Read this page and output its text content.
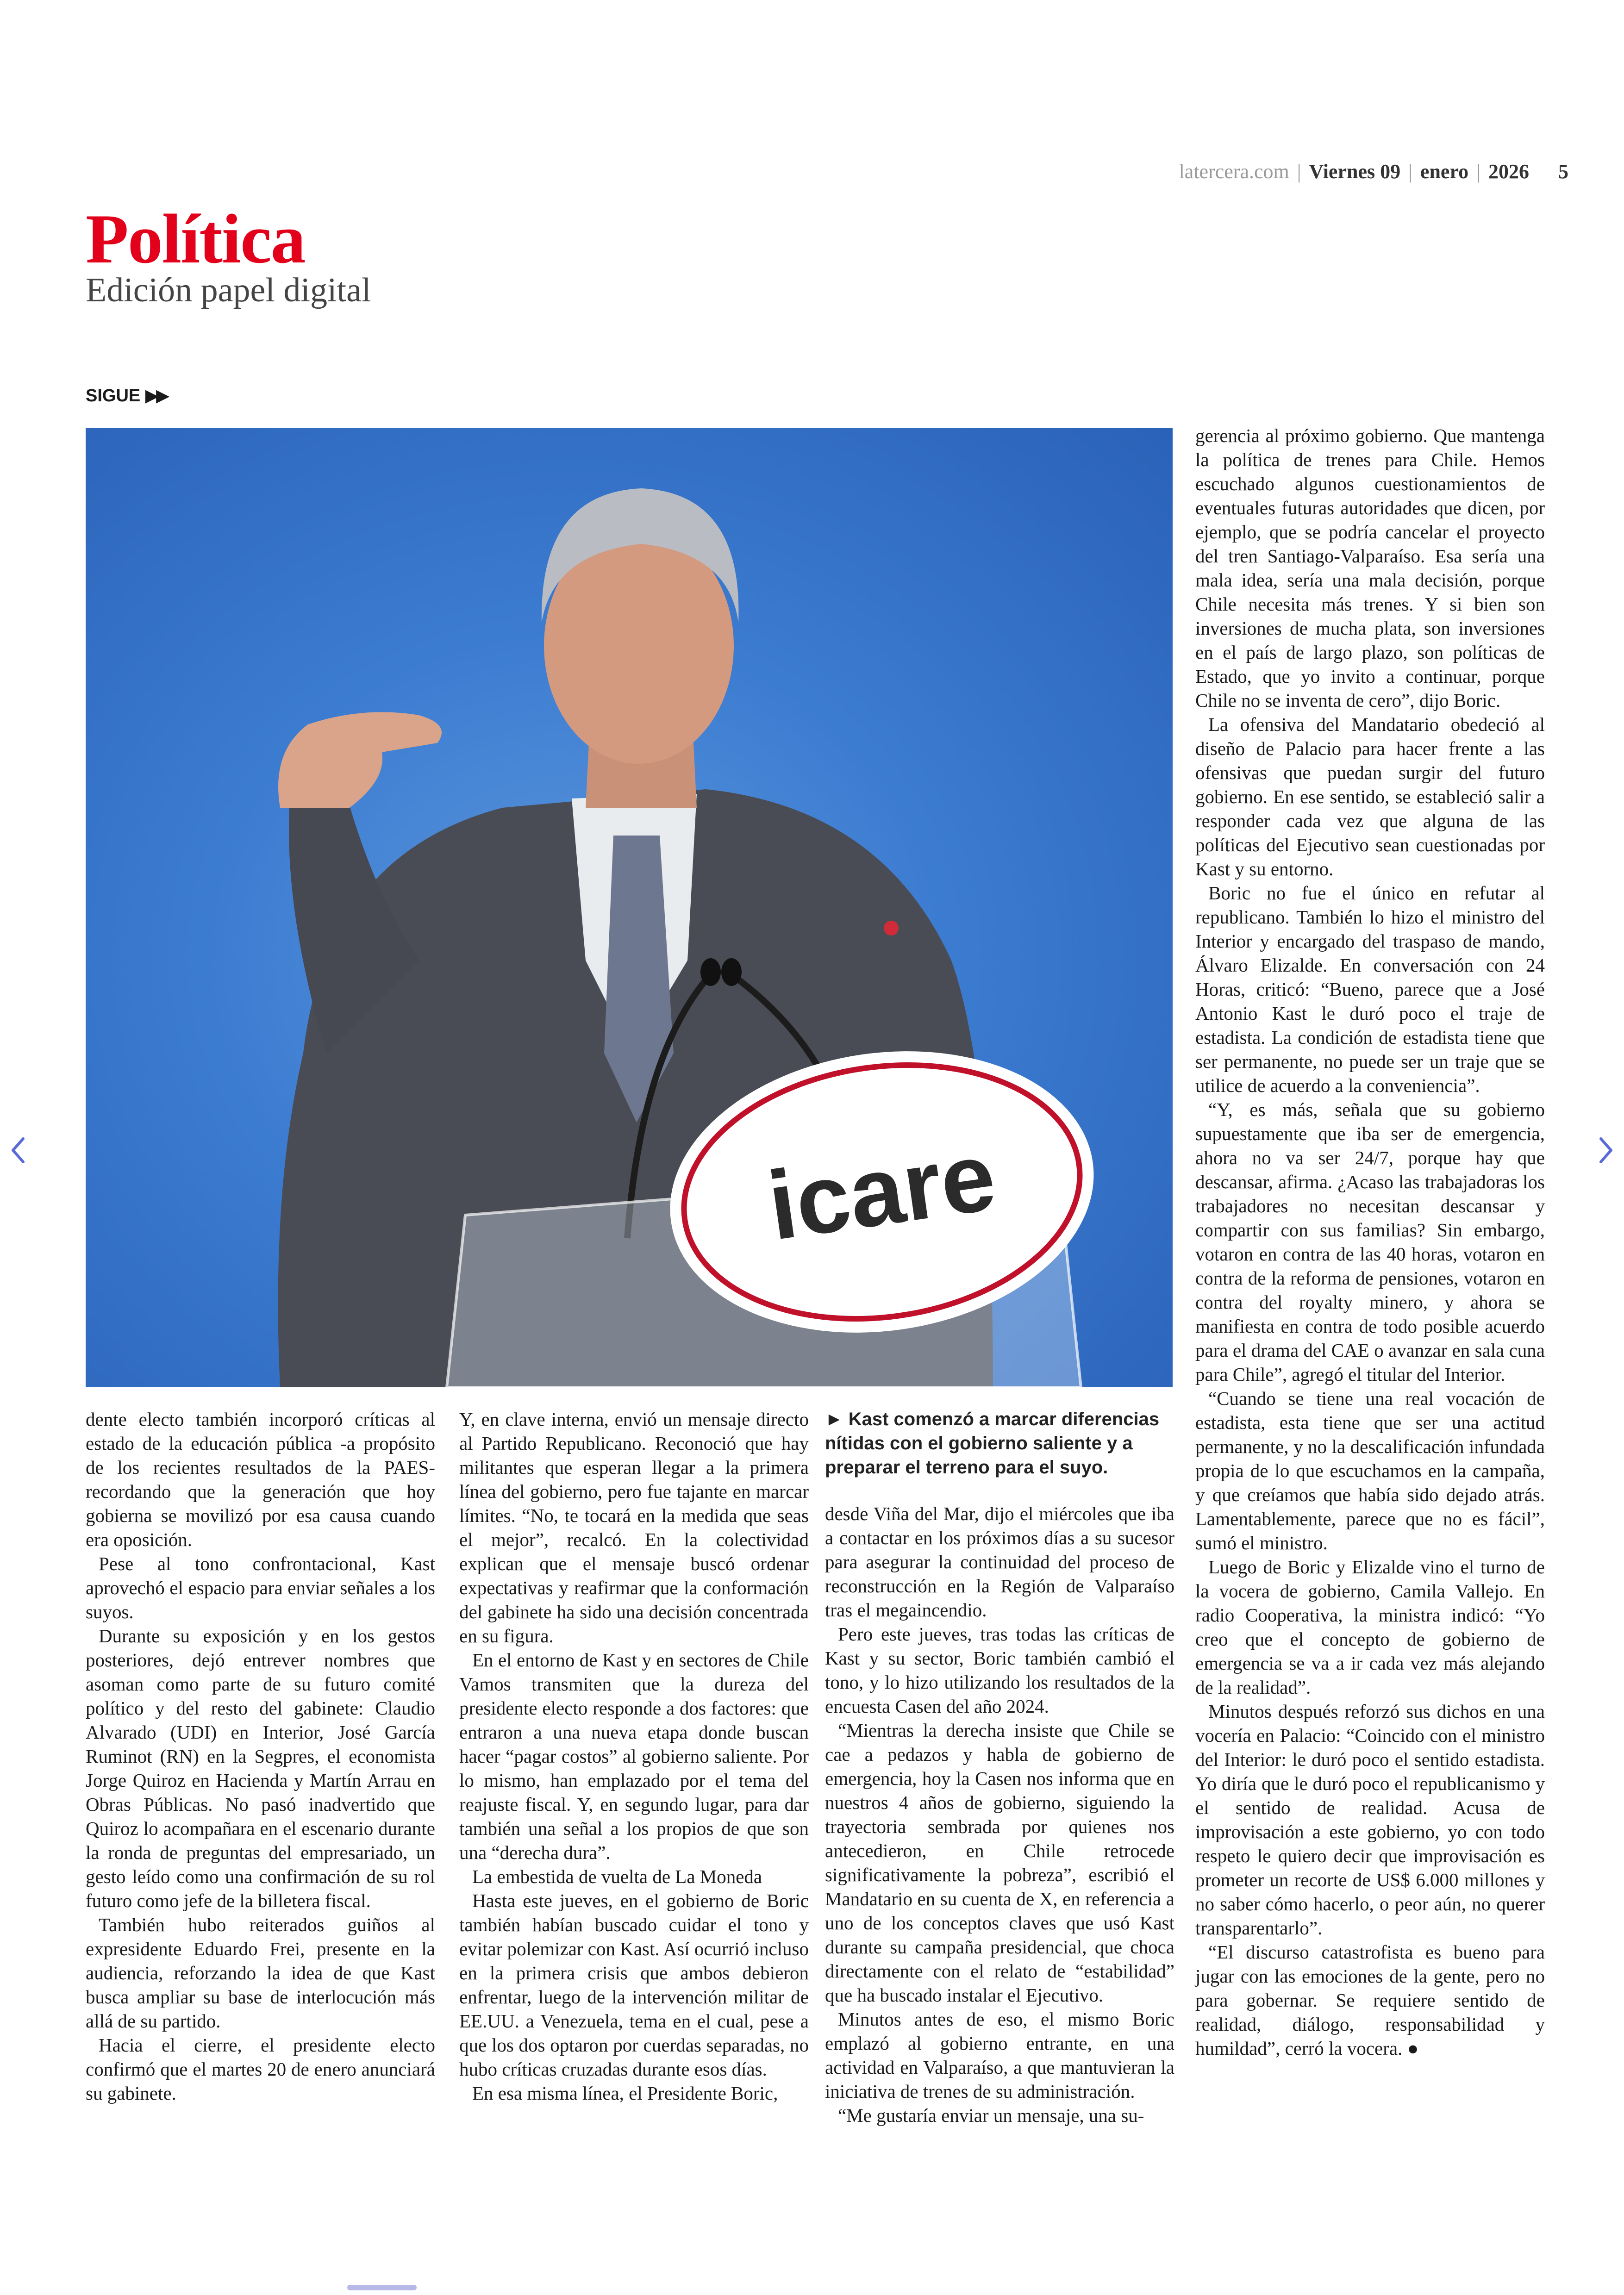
latercera.com | Viernes 09 | enero | 2026 5
Política
Edición papel digital
SIGUE ▶▶
icare

dente electo también incorporó críticas al estado de la educación pública -a propósito de los recientes resultados de la PAES- recordando que la generación que hoy gobierna se movilizó por esa causa cuando era oposición.

Pese al tono confrontacional, Kast aprovechó el espacio para enviar señales a los suyos.

Durante su exposición y en los gestos posteriores, dejó entrever nombres que asoman como parte de su futuro comité político y del resto del gabinete: Claudio Alvarado (UDI) en Interior, José García Ruminot (RN) en la Segpres, el economista Jorge Quiroz en Hacienda y Martín Arrau en Obras Públicas. No pasó inadvertido que Quiroz lo acompañara en el escenario durante la ronda de preguntas del empresariado, un gesto leído como una confirmación de su rol futuro como jefe de la billetera fiscal.

También hubo reiterados guiños al expresidente Eduardo Frei, presente en la audiencia, reforzando la idea de que Kast busca ampliar su base de interlocución más allá de su partido.

Hacia el cierre, el presidente electo confirmó que el martes 20 de enero anunciará su gabinete.

Y, en clave interna, envió un mensaje directo al Partido Republicano. Reconoció que hay militantes que esperan llegar a la primera línea del gobierno, pero fue tajante en marcar límites. “No, te tocará en la medida que seas el mejor”, recalcó. En la colectividad explican que el mensaje buscó ordenar expectativas y reafirmar que la conformación del gabinete ha sido una decisión concentrada en su figura.

En el entorno de Kast y en sectores de Chile Vamos transmiten que la dureza del presidente electo responde a dos factores: que entraron a una nueva etapa donde buscan hacer “pagar costos” al gobierno saliente. Por lo mismo, han emplazado por el tema del reajuste fiscal. Y, en segundo lugar, para dar también una señal a los propios de que son una “derecha dura”.

La embestida de vuelta de La Moneda

Hasta este jueves, en el gobierno de Boric también habían buscado cuidar el tono y evitar polemizar con Kast. Así ocurrió incluso en la primera crisis que ambos debieron enfrentar, luego de la intervención militar de EE.UU. a Venezuela, tema en el cual, pese a que los dos optaron por cuerdas separadas, no hubo críticas cruzadas durante esos días.

En esa misma línea, el Presidente Boric,

► Kast comenzó a marcar diferencias nítidas con el gobierno saliente y a preparar el terreno para el suyo.

desde Viña del Mar, dijo el miércoles que iba a contactar en los próximos días a su sucesor para asegurar la continuidad del proceso de reconstrucción en la Región de Valparaíso tras el megaincendio.

Pero este jueves, tras todas las críticas de Kast y su sector, Boric también cambió el tono, y lo hizo utilizando los resultados de la encuesta Casen del año 2024.

“Mientras la derecha insiste que Chile se cae a pedazos y habla de gobierno de emergencia, hoy la Casen nos informa que en nuestros 4 años de gobierno, siguiendo la trayectoria sembrada por quienes nos antecedieron, en Chile retrocede significativamente la pobreza”, escribió el Mandatario en su cuenta de X, en referencia a uno de los conceptos claves que usó Kast durante su campaña presidencial, que choca directamente con el relato de “estabilidad” que ha buscado instalar el Ejecutivo.

Minutos antes de eso, el mismo Boric emplazó al gobierno entrante, en una actividad en Valparaíso, a que mantuvieran la iniciativa de trenes de su administración.

“Me gustaría enviar un mensaje, una su-

gerencia al próximo gobierno. Que mantenga la política de trenes para Chile. Hemos escuchado algunos cuestionamientos de eventuales futuras autoridades que dicen, por ejemplo, que se podría cancelar el proyecto del tren Santiago-Valparaíso. Esa sería una mala idea, sería una mala decisión, porque Chile necesita más trenes. Y si bien son inversiones de mucha plata, son inversiones en el país de largo plazo, son políticas de Estado, que yo invito a continuar, porque Chile no se inventa de cero”, dijo Boric.

La ofensiva del Mandatario obedeció al diseño de Palacio para hacer frente a las ofensivas que puedan surgir del futuro gobierno. En ese sentido, se estableció salir a responder cada vez que alguna de las políticas del Ejecutivo sean cuestionadas por Kast y su entorno.

Boric no fue el único en refutar al republicano. También lo hizo el ministro del Interior y encargado del traspaso de mando, Álvaro Elizalde. En conversación con 24 Horas, criticó: “Bueno, parece que a José Antonio Kast le duró poco el traje de estadista. La condición de estadista tiene que ser permanente, no puede ser un traje que se utilice de acuerdo a la conveniencia”.

“Y, es más, señala que su gobierno supuestamente que iba ser de emergencia, ahora no va ser 24/7, porque hay que descansar, afirma. ¿Acaso las trabajadoras los trabajadores no necesitan descansar y compartir con sus familias? Sin embargo, votaron en contra de las 40 horas, votaron en contra de la reforma de pensiones, votaron en contra del royalty minero, y ahora se manifiesta en contra de todo posible acuerdo para el drama del CAE o avanzar en sala cuna para Chile”, agregó el titular del Interior.

“Cuando se tiene una real vocación de estadista, esta tiene que ser una actitud permanente, y no la descalificación infundada propia de lo que escuchamos en la campaña, y que creíamos que había sido dejado atrás. Lamentablemente, parece que no es fácil”, sumó el ministro.

Luego de Boric y Elizalde vino el turno de la vocera de gobierno, Camila Vallejo. En radio Cooperativa, la ministra indicó: “Yo creo que el concepto de gobierno de emergencia se va a ir cada vez más alejando de la realidad”.

Minutos después reforzó sus dichos en una vocería en Palacio: “Coincido con el ministro del Interior: le duró poco el sentido estadista. Yo diría que le duró poco el republicanismo y el sentido de realidad. Acusa de improvisación a este gobierno, yo con todo respeto le quiero decir que improvisación es prometer un recorte de US$ 6.000 millones y no saber cómo hacerlo, o peor aún, no querer transparentarlo”.

“El discurso catastrofista es bueno para jugar con las emociones de la gente, pero no para gobernar. Se requiere sentido de realidad, diálogo, responsabilidad y humildad”, cerró la vocera. ●
